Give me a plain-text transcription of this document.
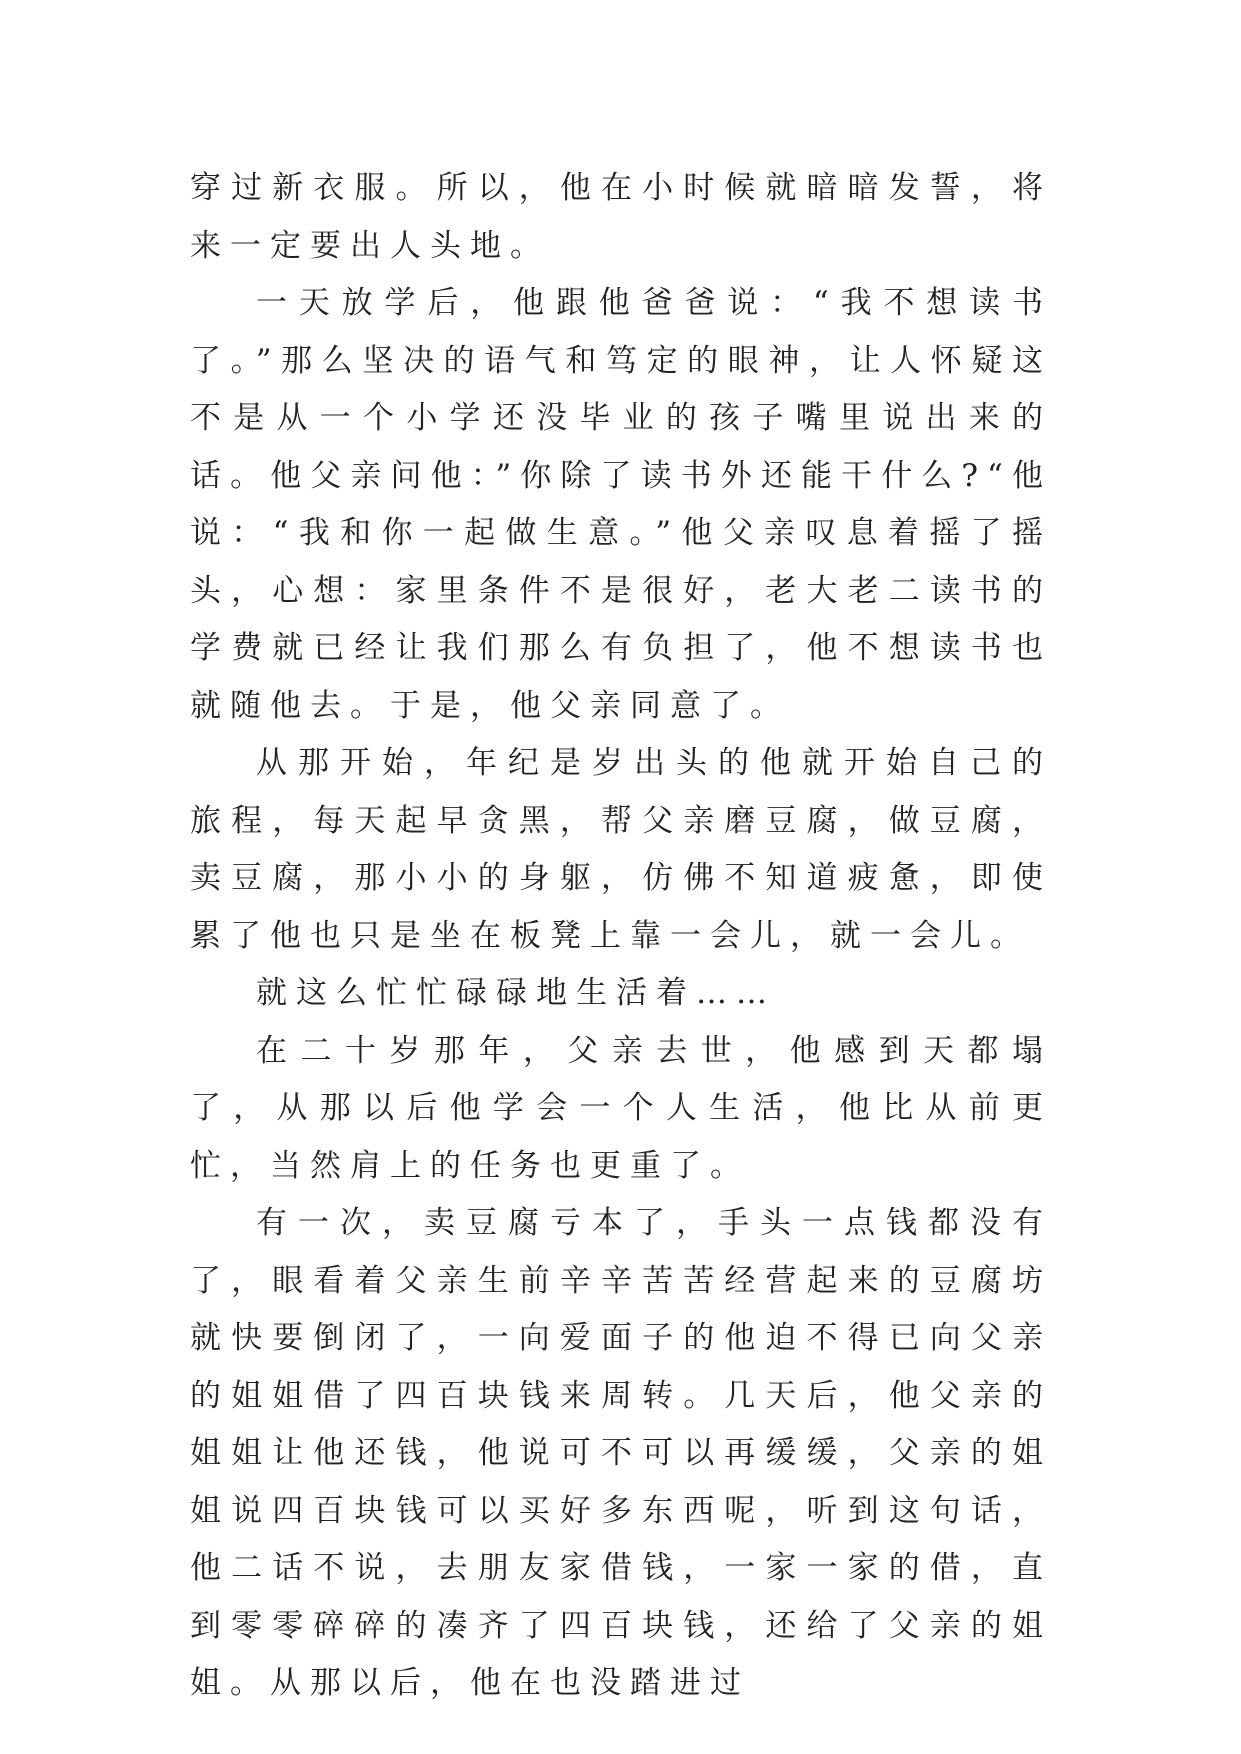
穿过新衣服。所以，他在小时候就暗暗发誓，将来一定要出人头地。

一天放学后，他跟他爸爸说：“我不想读书了。”那么坚决的语气和笃定的眼神，让人怀疑这不是从一个小学还没毕业的孩子嘴里说出来的话。他父亲问他：”你除了读书外还能干什么?“他说：“我和你一起做生意。”他父亲叹息着摇了摇头，心想：家里条件不是很好，老大老二读书的学费就已经让我们那么有负担了，他不想读书也就随他去。于是，他父亲同意了。

从那开始，年纪是岁出头的他就开始自己的旅程，每天起早贪黑，帮父亲磨豆腐，做豆腐，卖豆腐，那小小的身躯，仿佛不知道疲惫，即使累了他也只是坐在板凳上靠一会儿，就一会儿。

就这么忙忙碌碌地生活着……

在二十岁那年，父亲去世，他感到天都塌了，从那以后他学会一个人生活，他比从前更忙，当然肩上的任务也更重了。

有一次，卖豆腐亏本了，手头一点钱都没有了，眼看着父亲生前辛辛苦苦经营起来的豆腐坊就快要倒闭了，一向爱面子的他迫不得已向父亲的姐姐借了四百块钱来周转。几天后，他父亲的姐姐让他还钱，他说可不可以再缓缓，父亲的姐姐说四百块钱可以买好多东西呢，听到这句话，他二话不说，去朋友家借钱，一家一家的借，直到零零碎碎的凑齐了四百块钱，还给了父亲的姐姐。从那以后，他在也没踏进过
